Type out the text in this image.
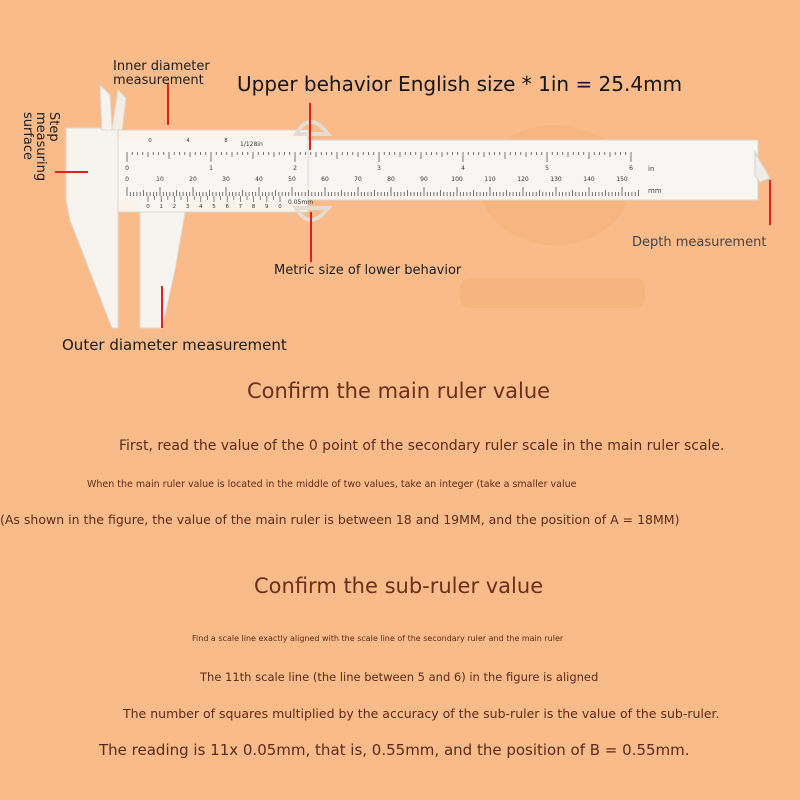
Upper behavior English size * 1in = 25.4mm
0	1	2	3	4	5	6
0	10	20	30	40	50	60	70	80	90	100	110	120	130	140	150
0	4	8
0 1 2 3 4 5 6 7 8 9 0
1/128in
0.05mm
in
mm
Inner diameter measurement
Step measuring surface
Depth measurement
Metric size of lower behavior
Outer diameter measurement
Confirm the main ruler value
First, read the value of the 0 point of the secondary ruler scale in the main ruler scale.
When the main ruler value is located in the middle of two values, take an integer (take a smaller value
(As shown in the figure, the value of the main ruler is between 18 and 19MM, and the position of A = 18MM)
Confirm the sub-ruler value
Find a scale line exactly aligned with the scale line of the secondary ruler and the main ruler
The 11th scale line (the line between 5 and 6) in the figure is aligned
The number of squares multiplied by the accuracy of the sub-ruler is the value of the sub-ruler.
The reading is 11x 0.05mm, that is, 0.55mm, and the position of B = 0.55mm.
